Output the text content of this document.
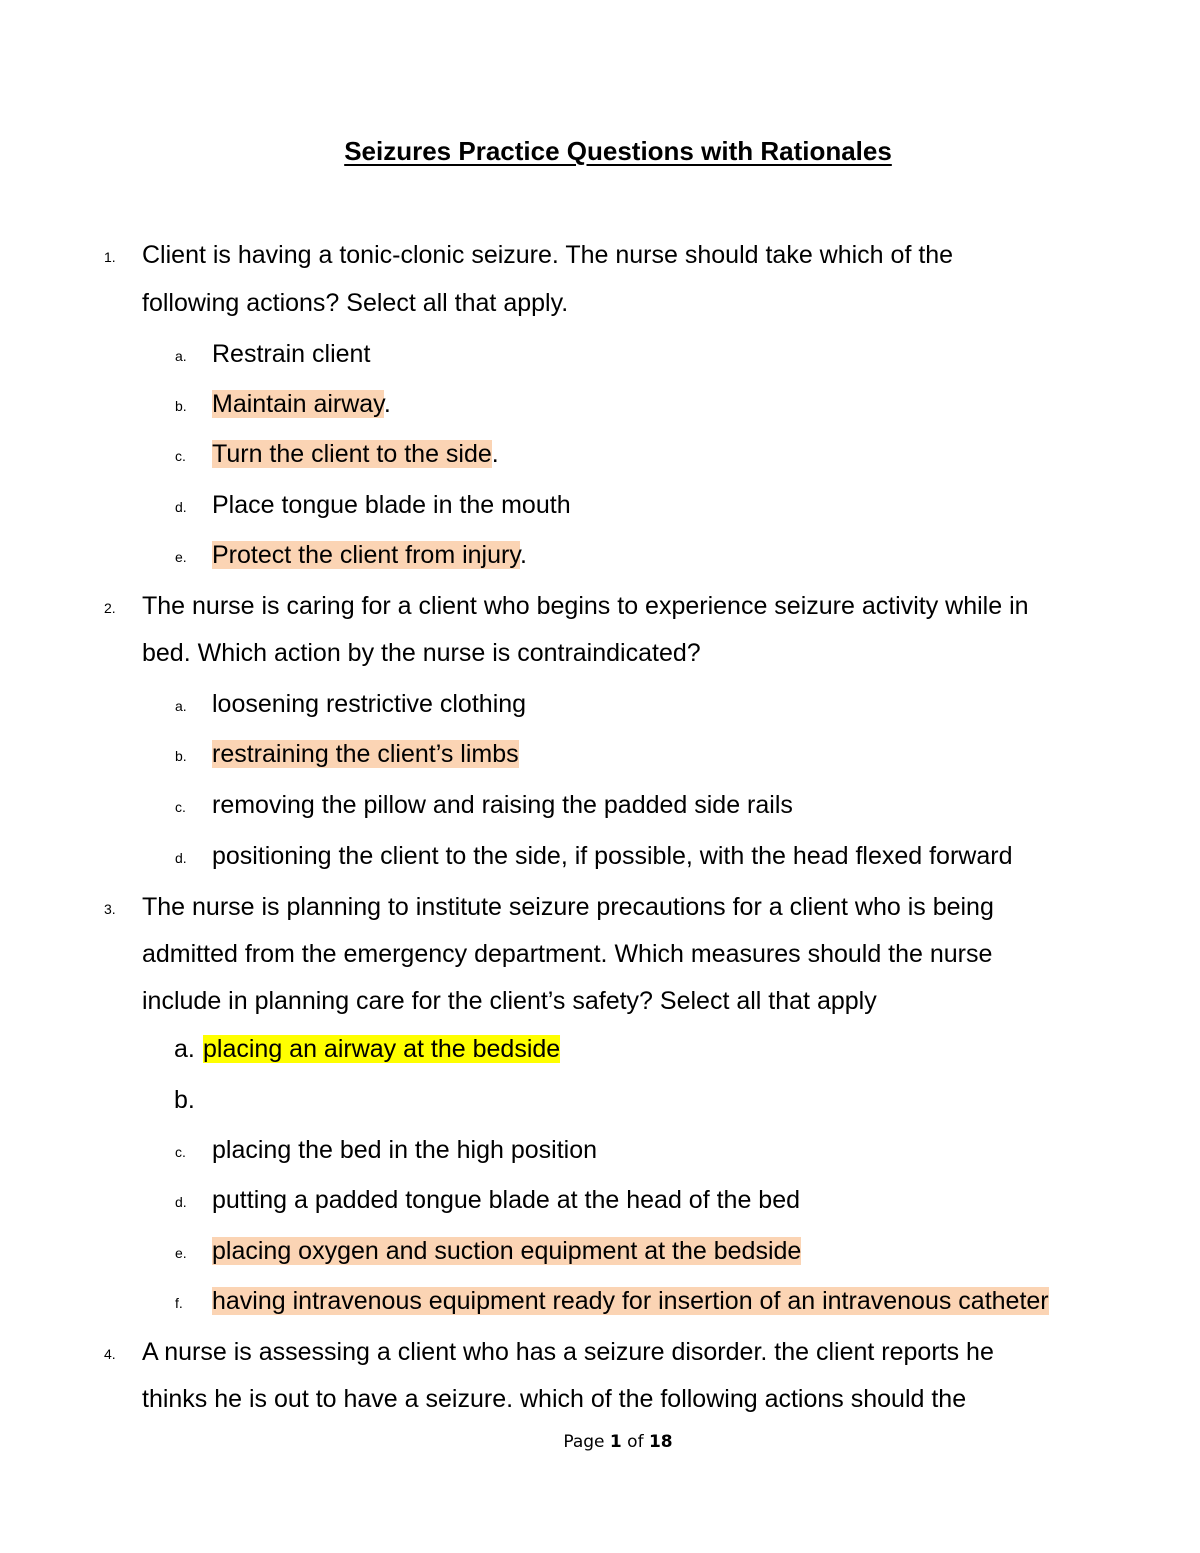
Seizures Practice Questions with Rationales
1. Client is having a tonic-clonic seizure. The nurse should take which of the
following actions? Select all that apply.
a. Restrain client
b. Maintain airway.
c. Turn the client to the side.
d. Place tongue blade in the mouth
e. Protect the client from injury.
2. The nurse is caring for a client who begins to experience seizure activity while in
bed. Which action by the nurse is contraindicated?
a. loosening restrictive clothing
b. restraining the client’s limbs
c. removing the pillow and raising the padded side rails
d. positioning the client to the side, if possible, with the head flexed forward
3. The nurse is planning to institute seizure precautions for a client who is being
admitted from the emergency department. Which measures should the nurse
include in planning care for the client’s safety? Select all that apply
a. placing an airway at the bedside
b.
c. placing the bed in the high position
d. putting a padded tongue blade at the head of the bed
e. placing oxygen and suction equipment at the bedside
f. having intravenous equipment ready for insertion of an intravenous catheter
4. A nurse is assessing a client who has a seizure disorder. the client reports he
thinks he is out to have a seizure. which of the following actions should the
Page 1 of 18
